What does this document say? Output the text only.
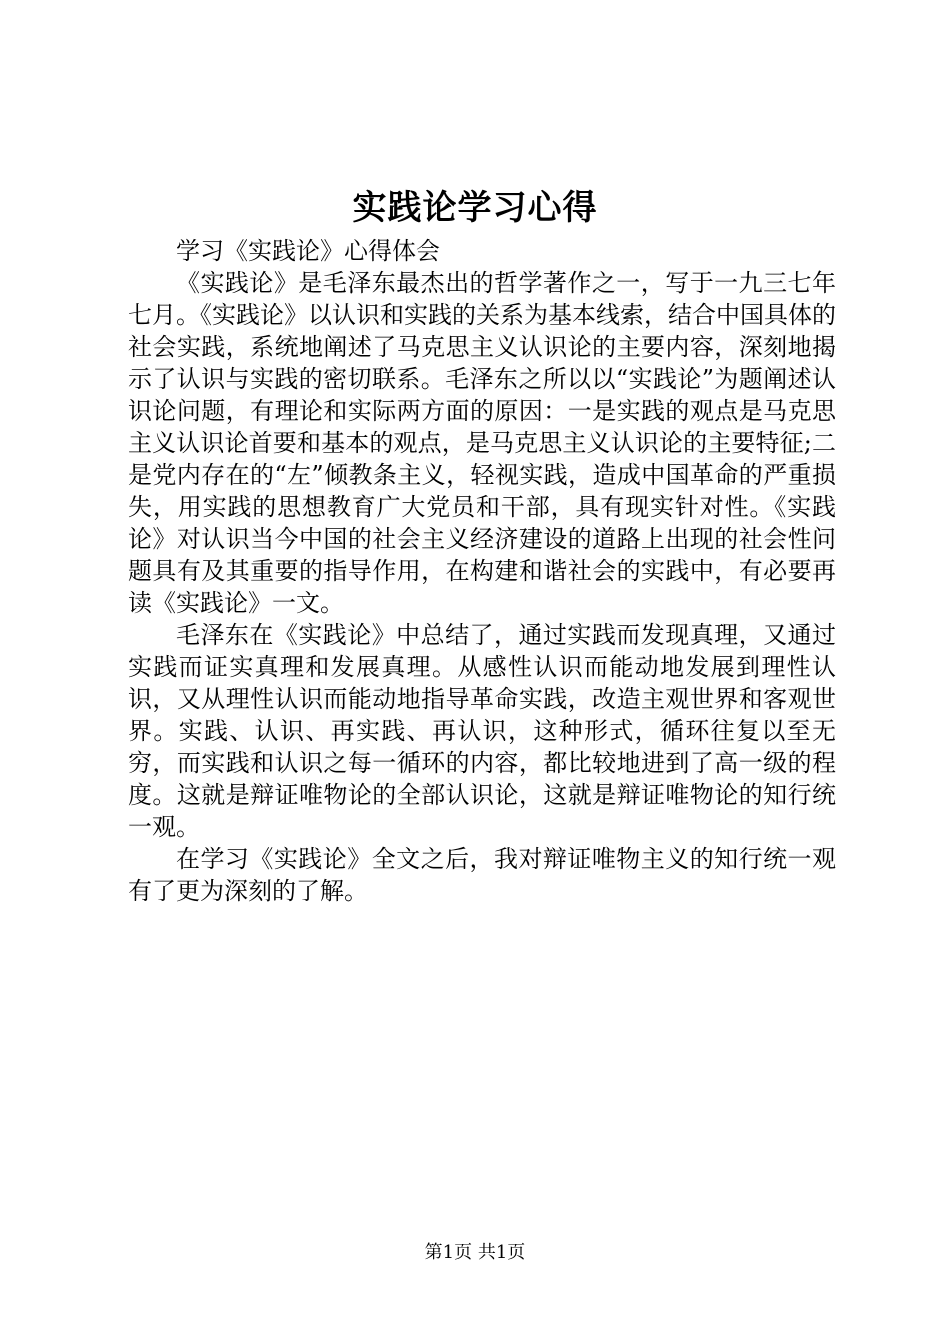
实践论学习心得

学习《实践论》心得体会

《实践论》是毛泽东最杰出的哲学著作之一，写于一九三七年七月。《实践论》以认识和实践的关系为基本线索，结合中国具体的社会实践，系统地阐述了马克思主义认识论的主要内容，深刻地揭示了认识与实践的密切联系。毛泽东之所以以“实践论”为题阐述认识论问题，有理论和实际两方面的原因：一是实践的观点是马克思主义认识论首要和基本的观点，是马克思主义认识论的主要特征;二是党内存在的“左”倾教条主义，轻视实践，造成中国革命的严重损失，用实践的思想教育广大党员和干部，具有现实针对性。《实践论》对认识当今中国的社会主义经济建设的道路上出现的社会性问题具有及其重要的指导作用，在构建和谐社会的实践中，有必要再读《实践论》一文。

毛泽东在《实践论》中总结了，通过实践而发现真理，又通过实践而证实真理和发展真理。从感性认识而能动地发展到理性认识，又从理性认识而能动地指导革命实践，改造主观世界和客观世界。实践、认识、再实践、再认识，这种形式，循环往复以至无穷，而实践和认识之每一循环的内容，都比较地进到了高一级的程度。这就是辩证唯物论的全部认识论，这就是辩证唯物论的知行统一观。

在学习《实践论》全文之后，我对辩证唯物主义的知行统一观有了更为深刻的了解。

第1页 共1页
